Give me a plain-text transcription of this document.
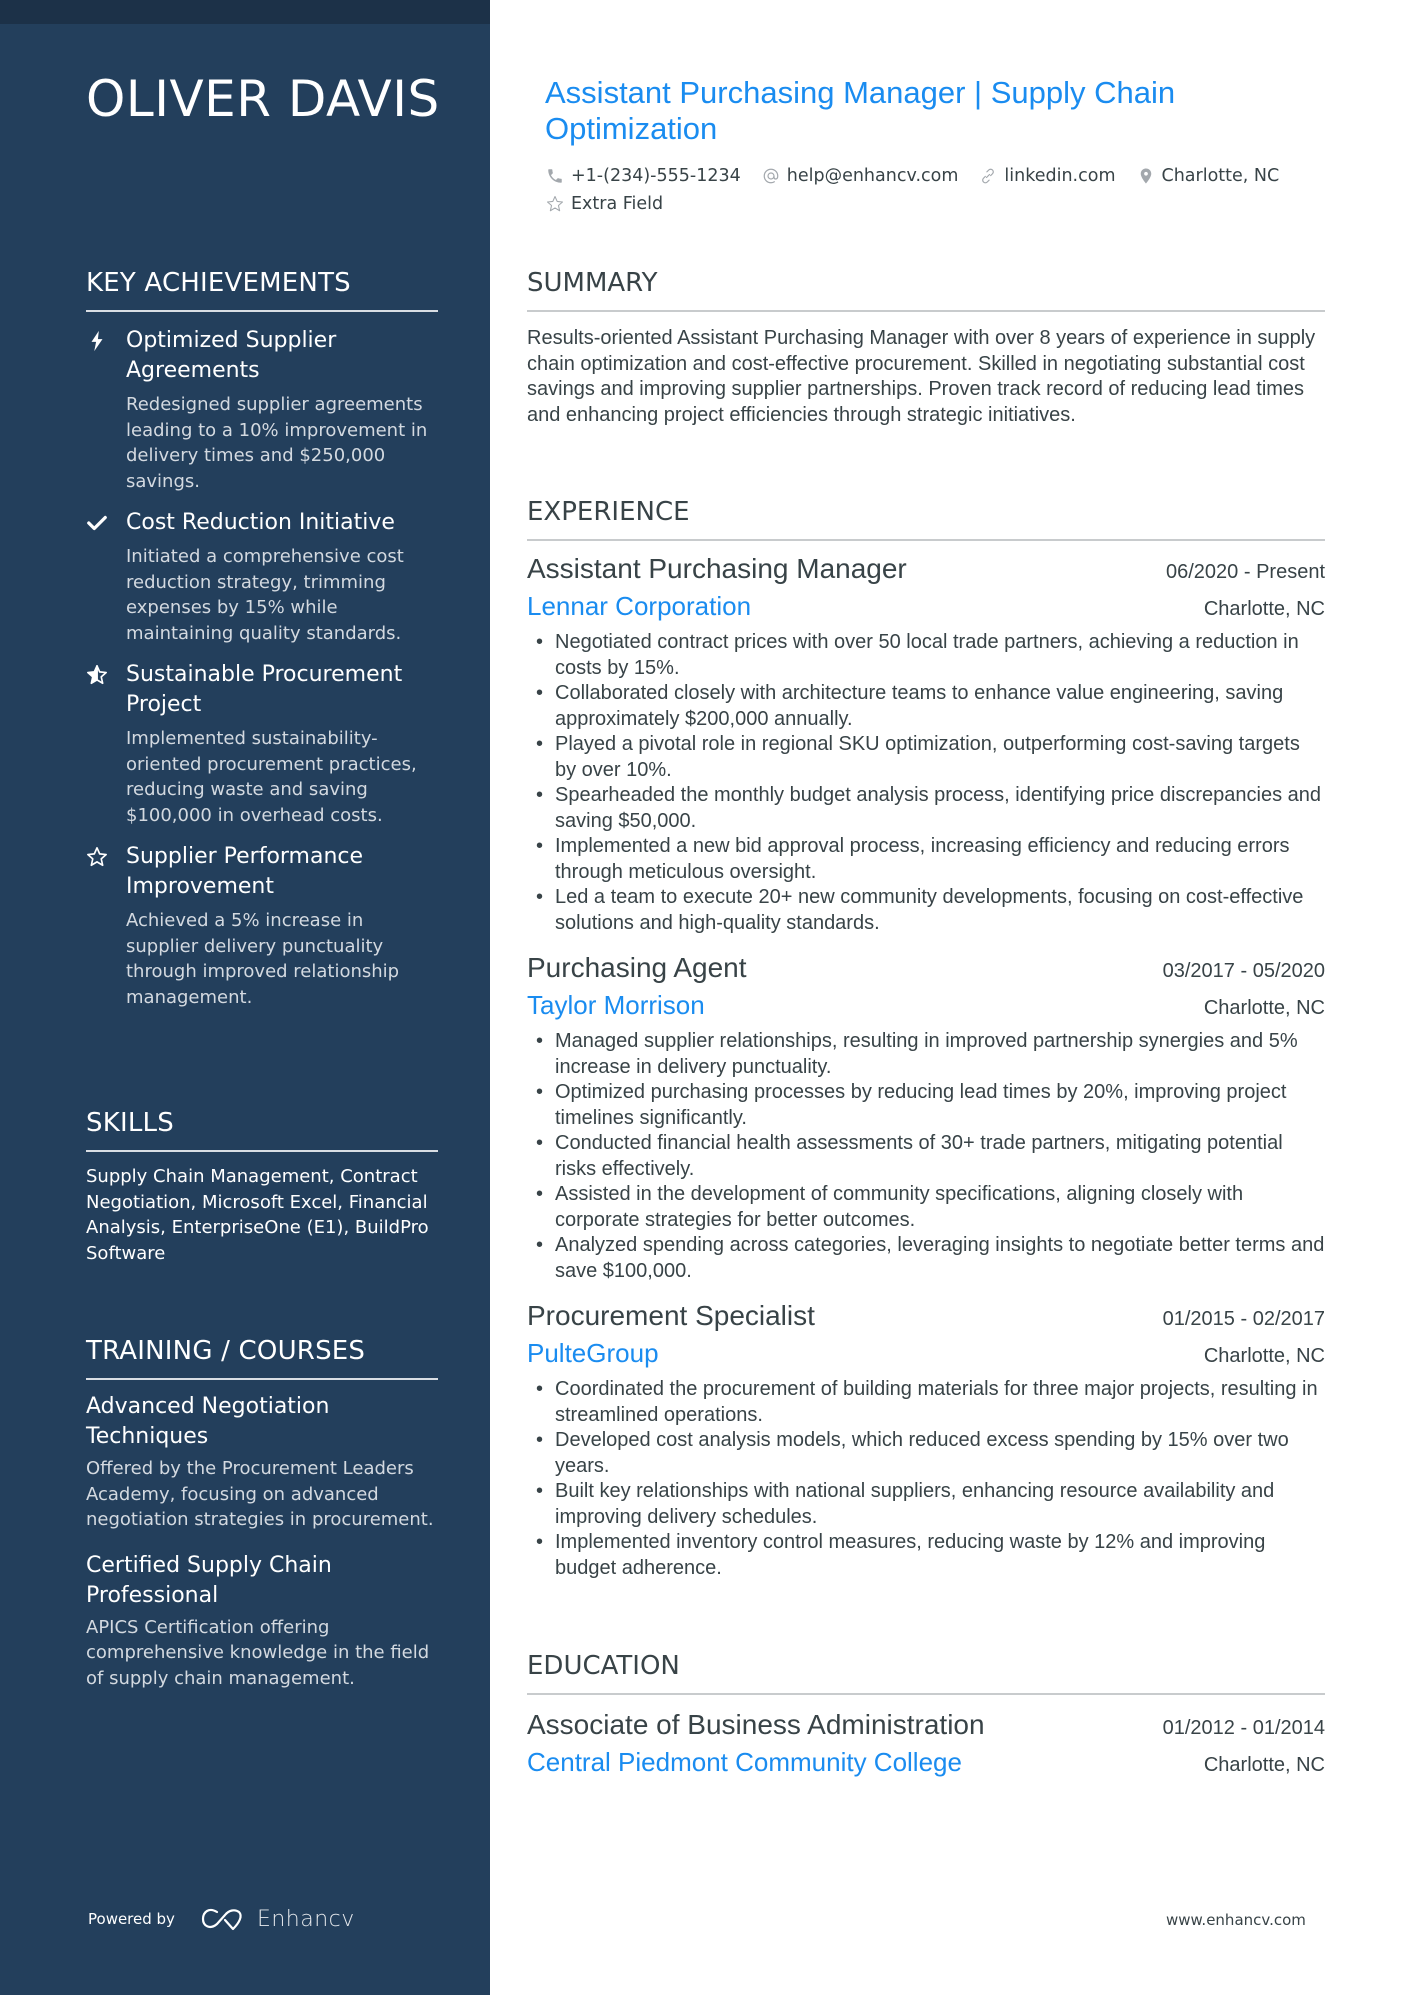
OLIVER DAVIS
KEY ACHIEVEMENTS
Optimized Supplier Agreements
Redesigned supplier agreements leading to a 10% improvement in delivery times and $250,000 savings.
Cost Reduction Initiative
Initiated a comprehensive cost reduction strategy, trimming expenses by 15% while maintaining quality standards.
Sustainable Procurement Project
Implemented sustainability-oriented procurement practices, reducing waste and saving $100,000 in overhead costs.
Supplier Performance Improvement
Achieved a 5% increase in supplier delivery punctuality through improved relationship management.
SKILLS
Supply Chain Management, Contract Negotiation, Microsoft Excel, Financial Analysis, EnterpriseOne (E1), BuildPro Software
TRAINING / COURSES
Advanced Negotiation Techniques
Offered by the Procurement Leaders Academy, focusing on advanced negotiation strategies in procurement.
Certified Supply Chain Professional
APICS Certification offering comprehensive knowledge in the field of supply chain management.
Powered by	Enhancv
Assistant Purchasing Manager | Supply Chain Optimization
+1-(234)-555-1234	help@enhancv.com	linkedin.com	Charlotte, NC
Extra Field
SUMMARY
Results-oriented Assistant Purchasing Manager with over 8 years of experience in supply chain optimization and cost-effective procurement. Skilled in negotiating substantial cost savings and improving supplier partnerships. Proven track record of reducing lead times and enhancing project efficiencies through strategic initiatives.
EXPERIENCE
Assistant Purchasing Manager	06/2020 - Present
Lennar Corporation	Charlotte, NC
• Negotiated contract prices with over 50 local trade partners, achieving a reduction in costs by 15%.
• Collaborated closely with architecture teams to enhance value engineering, saving approximately $200,000 annually.
• Played a pivotal role in regional SKU optimization, outperforming cost-saving targets by over 10%.
• Spearheaded the monthly budget analysis process, identifying price discrepancies and saving $50,000.
• Implemented a new bid approval process, increasing efficiency and reducing errors through meticulous oversight.
• Led a team to execute 20+ new community developments, focusing on cost-effective solutions and high-quality standards.
Purchasing Agent	03/2017 - 05/2020
Taylor Morrison	Charlotte, NC
• Managed supplier relationships, resulting in improved partnership synergies and 5% increase in delivery punctuality.
• Optimized purchasing processes by reducing lead times by 20%, improving project timelines significantly.
• Conducted financial health assessments of 30+ trade partners, mitigating potential risks effectively.
• Assisted in the development of community specifications, aligning closely with corporate strategies for better outcomes.
• Analyzed spending across categories, leveraging insights to negotiate better terms and save $100,000.
Procurement Specialist	01/2015 - 02/2017
PulteGroup	Charlotte, NC
• Coordinated the procurement of building materials for three major projects, resulting in streamlined operations.
• Developed cost analysis models, which reduced excess spending by 15% over two years.
• Built key relationships with national suppliers, enhancing resource availability and improving delivery schedules.
• Implemented inventory control measures, reducing waste by 12% and improving budget adherence.
EDUCATION
Associate of Business Administration	01/2012 - 01/2014
Central Piedmont Community College	Charlotte, NC
www.enhancv.com
